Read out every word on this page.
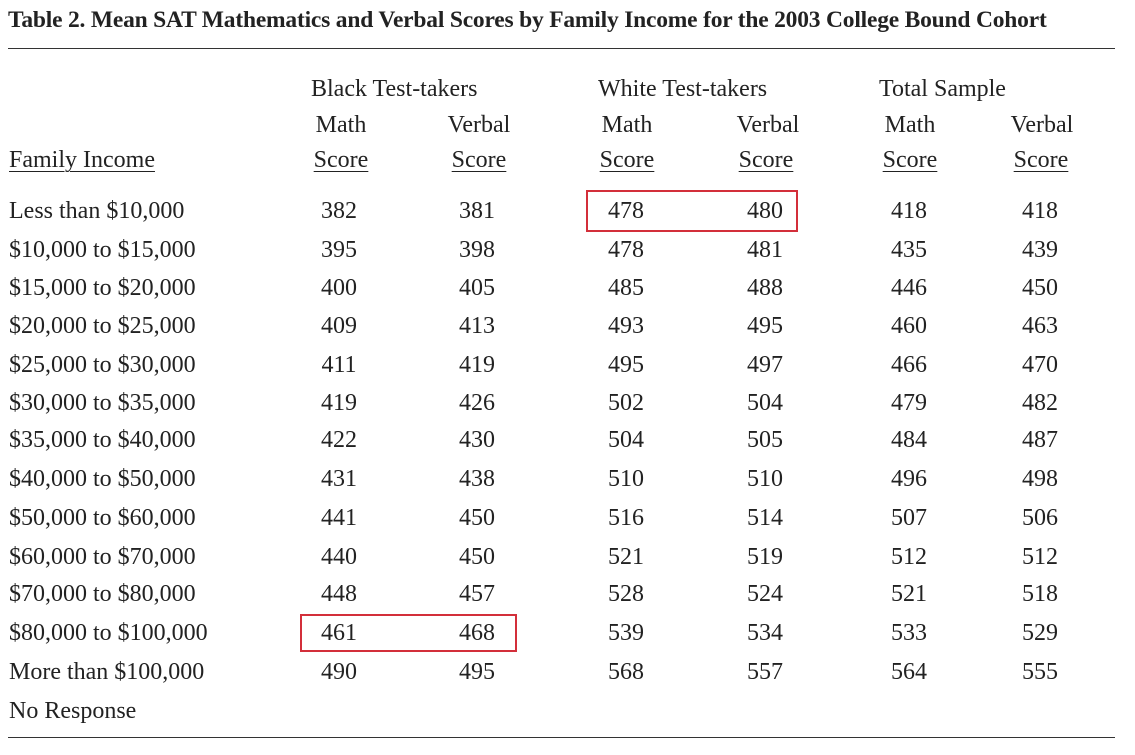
Table 2. Mean SAT Mathematics and Verbal Scores by Family Income for the 2003 College Bound Cohort
Black Test-takers	White Test-takers	Total Sample
Math	Verbal	Math	Verbal	Math	Verbal
Family Income	Score	Score	Score	Score	Score	Score
Less than $10,000	382	381	478	480	418	418
$10,000 to $15,000	395	398	478	481	435	439
$15,000 to $20,000	400	405	485	488	446	450
$20,000 to $25,000	409	413	493	495	460	463
$25,000 to $30,000	411	419	495	497	466	470
$30,000 to $35,000	419	426	502	504	479	482
$35,000 to $40,000	422	430	504	505	484	487
$40,000 to $50,000	431	438	510	510	496	498
$50,000 to $60,000	441	450	516	514	507	506
$60,000 to $70,000	440	450	521	519	512	512
$70,000 to $80,000	448	457	528	524	521	518
$80,000 to $100,000	461	468	539	534	533	529
More than $100,000	490	495	568	557	564	555
No Response
